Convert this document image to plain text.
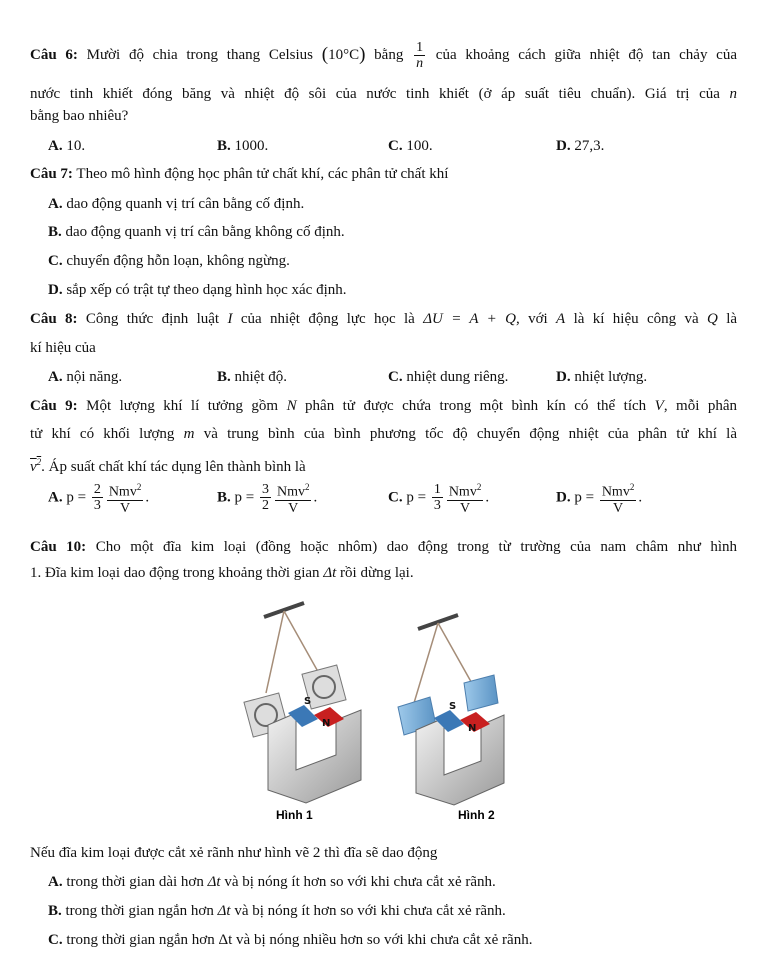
Câu 6: Mười độ chia trong thang Celsius (10°C) bằng $\frac{1}{n}$ của khoảng cách giữa nhiệt độ tan chảy của
nước tinh khiết đóng băng và nhiệt độ sôi của nước tinh khiết (ở áp suất tiêu chuẩn). Giá trị của n
bằng bao nhiêu?
A. 10.	B. 1000.	C. 100.	D. 27,3.
Câu 7: Theo mô hình động học phân tử chất khí, các phân tử chất khí
A. dao động quanh vị trí cân bằng cố định.
B. dao động quanh vị trí cân bằng không cố định.
C. chuyển động hỗn loạn, không ngừng.
D. sắp xếp có trật tự theo dạng hình học xác định.
Câu 8: Công thức định luật I của nhiệt động lực học là ΔU = A + Q, với A là kí hiệu công và Q là
kí hiệu của
A. nội năng.	B. nhiệt độ.	C. nhiệt dung riêng.	D. nhiệt lượng.
Câu 9: Một lượng khí lí tưởng gồm N phân tử được chứa trong một bình kín có thể tích V, mỗi phân
tử khí có khối lượng m và trung bình của bình phương tốc độ chuyển động nhiệt của phân tử khí là
$v^2$. Áp suất chất khí tác dụng lên thành bình là
A. $p = \frac{2}{3} \frac{Nmv^2}{V}$ .	B. $p = \frac{3}{2} \frac{Nmv^2}{V}$ .	C. $p = \frac{1}{3} \frac{Nmv^2}{V}$ .	D. $p = \frac{Nmv^2}{V}$ .
Câu 10: Cho một đĩa kim loại (đồng hoặc nhôm) dao động trong từ trường của nam châm như hình
1. Đĩa kim loại dao động trong khoảng thời gian Δt rồi dừng lại.
S
N
Hình 1
S
N
Hình 2
Nếu đĩa kim loại được cắt xẻ rãnh như hình vẽ 2 thì đĩa sẽ dao động
A. trong thời gian dài hơn Δt và bị nóng ít hơn so với khi chưa cắt xẻ rãnh.
B. trong thời gian ngắn hơn Δt và bị nóng ít hơn so với khi chưa cắt xẻ rãnh.
C. trong thời gian ngắn hơn Δt và bị nóng nhiều hơn so với khi chưa cắt xẻ rãnh.
